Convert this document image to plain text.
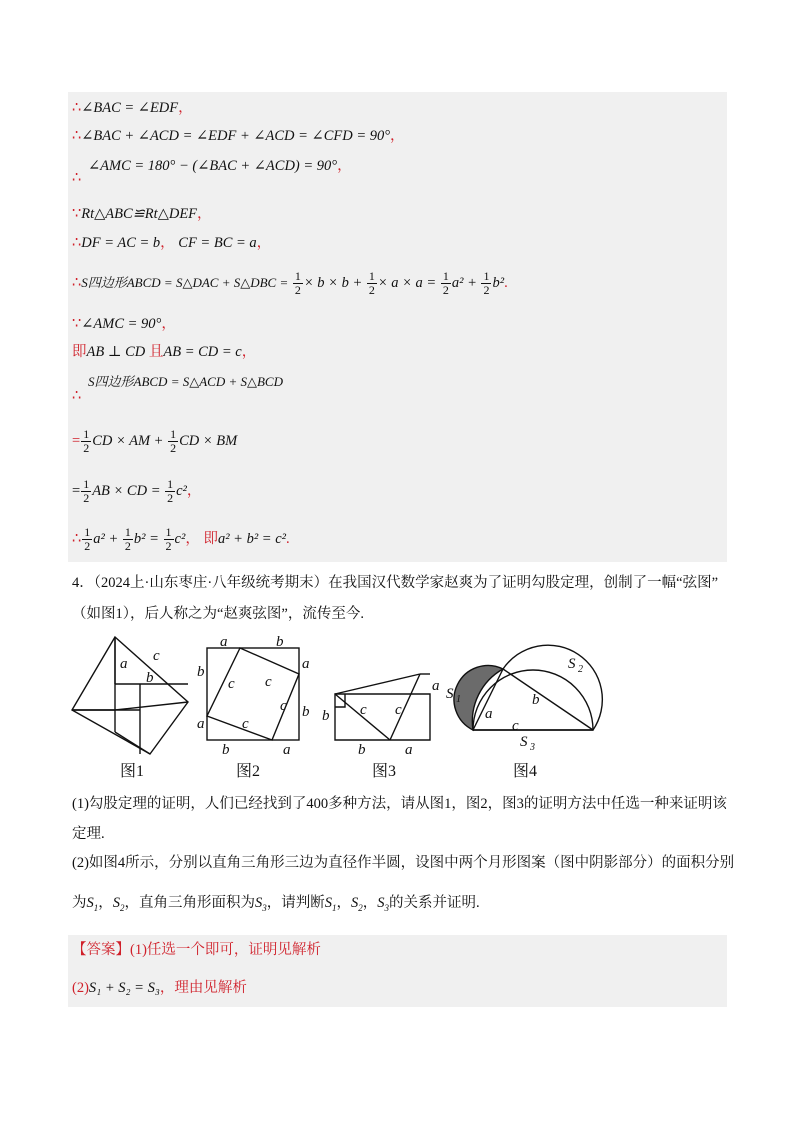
∴∠BAC = ∠EDF，
∴∠BAC + ∠ACD = ∠EDF + ∠ACD = ∠CFD = 90°，
∠AMC = 180° − (∠BAC + ∠ACD) = 90°，
∴
∵Rt△ABC≌Rt△DEF，
∴DF = AC = b， CF = BC = a，
∴S四边形ABCD = S△DAC + S△DBC = $\frac{1}{2} \times b \times b + \frac{1}{2} \times a \times a = \frac{1}{2} a^2 + \frac{1}{2} b^2$.
∵∠AMC = 90°，
即AB ⊥ CD 且AB = CD = c，
S四边形ABCD = S△ACD + S△BCD
∴
= $\frac{1}{2}$ CD × AM + $\frac{1}{2}$ CD × BM
= $\frac{1}{2}$ AB × CD = $\frac{1}{2} c^2$，
∴ $\frac{1}{2} a^2 + \frac{1}{2} b^2 = \frac{1}{2} c^2$， 即a² + b² = c².
4．（2024上·山东枣庄·八年级统考期末）在我国汉代数学家赵爽为了证明勾股定理，创制了一幅“弦图”
（如图1），后人称之为“赵爽弦图”，流传至今.
a c
b
a	b
a
b
b
a
b	a
c c
c
c	b
a
c c
b	a
S 2
S 1
S 3
a
b
c
图1	图2	图3	图4
(1)勾股定理的证明，人们已经找到了400多种方法，请从图1，图2，图3的证明方法中任选一种来证明该
定理.
(2)如图4所示，分别以直角三角形三边为直径作半圆，设图中两个月形图案（图中阴影部分）的面积分别
为$S_1$，$S_2$，直角三角形面积为$S_3$，请判断$S_1$，$S_2$，$S_3$的关系并证明.
【答案】(1)任选一个即可，证明见解析
(2)S₁ + S₂ = S₃，理由见解析
